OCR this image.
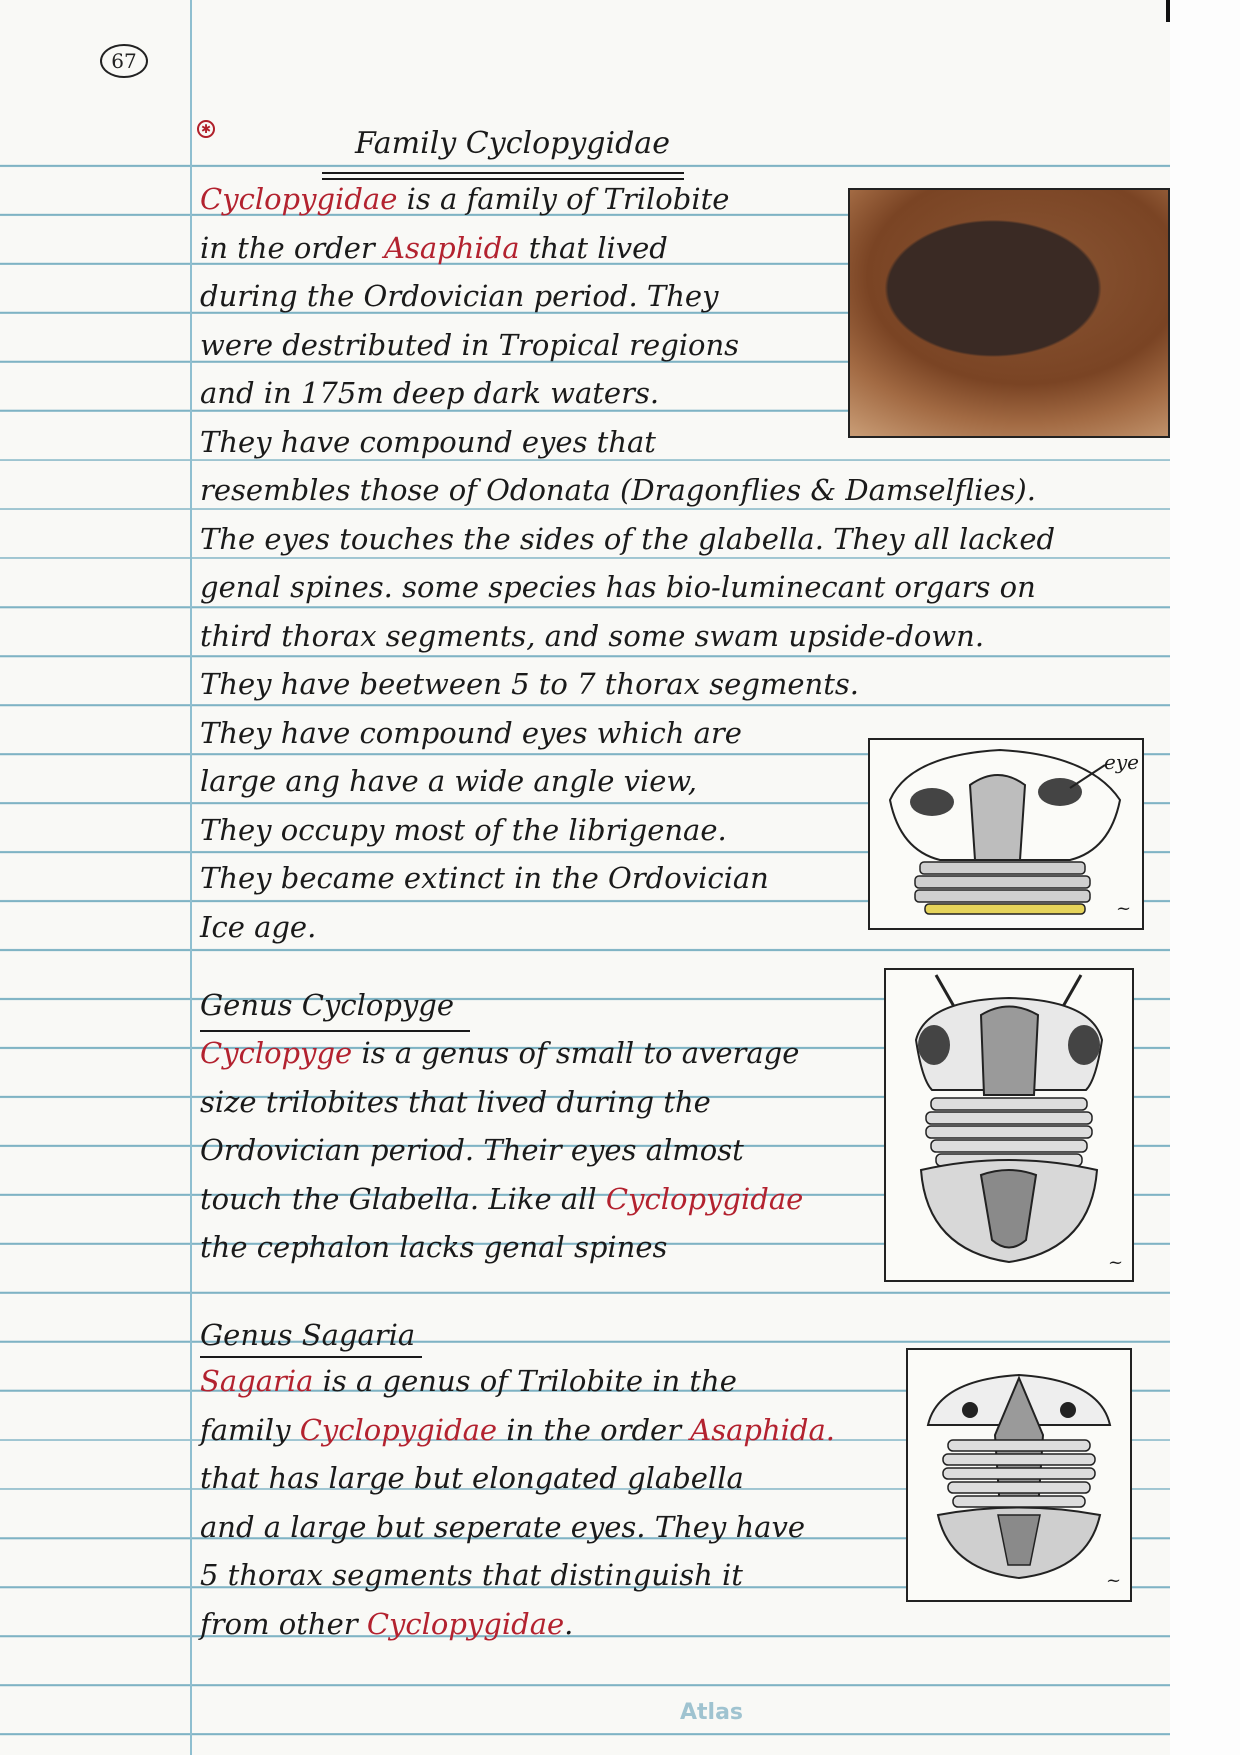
67
✱	Family Cyclopygidae
Cyclopygidae is a family of Trilobite
in the order Asaphida that lived
during the Ordovician period. They
were destributed in Tropical regions
and in 175m deep dark waters.
They have compound eyes that
resembles those of Odonata (Dragonflies & Damselflies).
The eyes touches the sides of the glabella. They all lacked
genal spines. some species has bio-luminecant orgars on
third thorax segments, and some swam upside-down.
They have beetween 5 to 7 thorax segments.
They have compound eyes which are
large ang have a wide angle view,
They occupy most of the librigenae.
They became extinct in the Ordovician
Ice age.
eye
~
Genus Cyclopyge
Cyclopyge is a genus of small to average
size trilobites that lived during the
Ordovician period. Their eyes almost
touch the Glabella. Like all Cyclopygidae
the cephalon lacks genal spines	~
Genus Sagaria
Sagaria is a genus of Trilobite in the
family Cyclopygidae in the order Asaphida.
that has large but elongated glabella
and a large but seperate eyes. They have
5 thorax segments that distinguish it
from other Cyclopygidae.
~
Atlas
